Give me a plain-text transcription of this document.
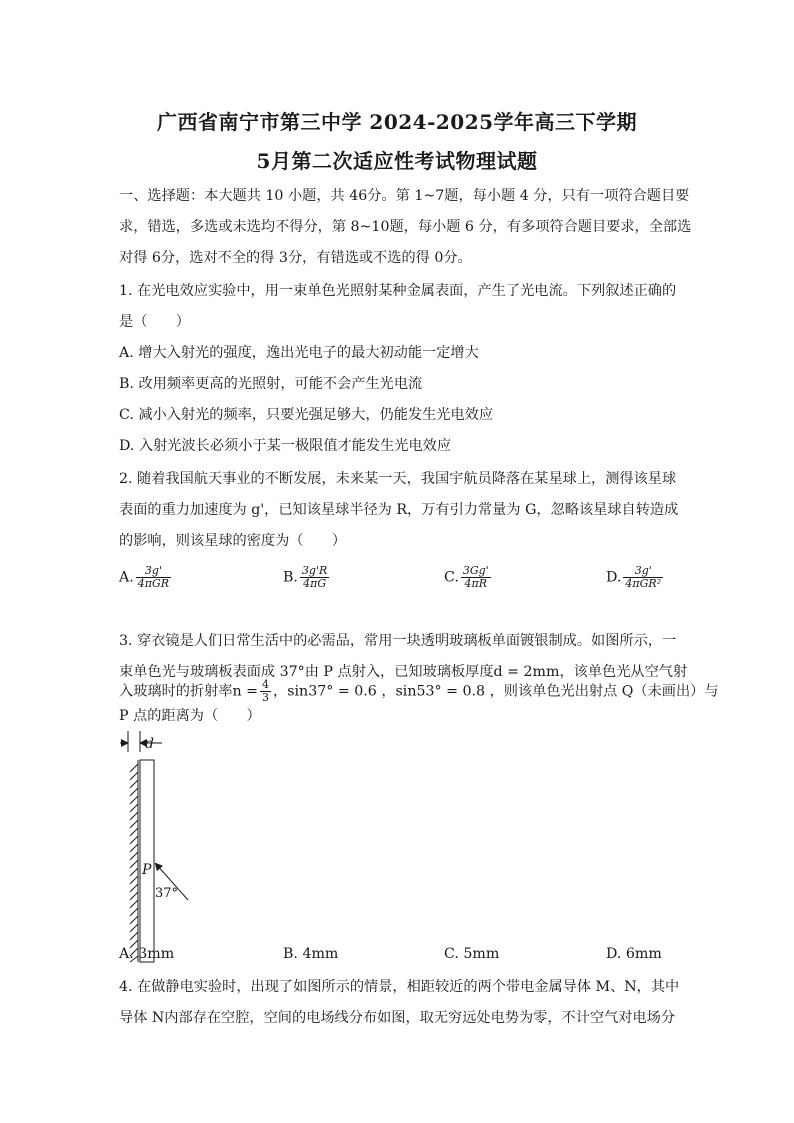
广西省南宁市第三中学 2024-2025学年高三下学期
5月第二次适应性考试物理试题
一、选择题：本大题共 10 小题，共 46分。第 1~7题，每小题 4 分，只有一项符合题目要
求，错选，多选或未选均不得分，第 8~10题，每小题 6 分，有多项符合题目要求，全部选
对得 6分，选对不全的得 3分，有错选或不选的得 0分。
1. 在光电效应实验中，用一束单色光照射某种金属表面，产生了光电流。下列叙述正确的
是（　　）
A. 增大入射光的强度，逸出光电子的最大初动能一定增大
B. 改用频率更高的光照射，可能不会产生光电流
C. 减小入射光的频率，只要光强足够大，仍能发生光电效应
D. 入射光波长必须小于某一极限值才能发生光电效应
2. 随着我国航天事业的不断发展，未来某一天，我国宇航员降落在某星球上，测得该星球
表面的重力加速度为 g'，已知该星球半径为 R，万有引力常量为 G，忽略该星球自转造成
的影响，则该星球的密度为（　　）
A. $\frac{3g'}{\text{4πGR}}$	B. $\frac{3g'R}{4\pi G}$	C. $\frac{3Gg'}{4\pi R}$	D. $\frac{3g'}{\text{4πGR²}}$
3. 穿衣镜是人们日常生活中的必需品，常用一块透明玻璃板单面镀银制成。如图所示，一
束单色光与玻璃板表面成 37°由 P 点射入，已知玻璃板厚度d = 2mm，该单色光从空气射
入玻璃时的折射率$n = \frac{4}{3}$ ，sin37° = 0.6 ，sin53° = 0.8 ，则该单色光出射点 Q（未画出）与
P 点的距离为（　　）
d
P
37°
A. 3mm	B. 4mm	C. 5mm	D. 6mm
4. 在做静电实验时，出现了如图所示的情景，相距较近的两个带电金属导体 M、N，其中
导体 N内部存在空腔，空间的电场线分布如图，取无穷远处电势为零，不计空气对电场分
